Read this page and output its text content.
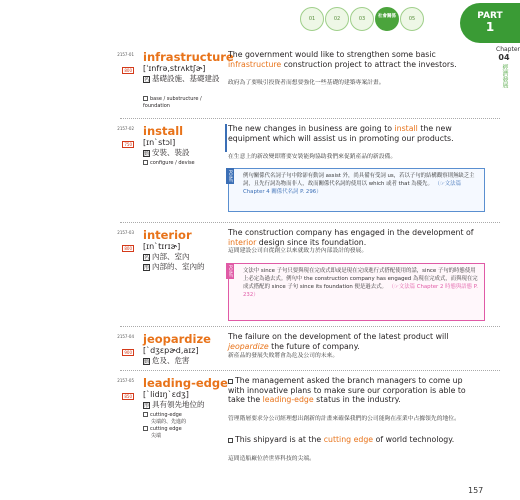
01	02	03	社會關係	05	PART
1
Chapter
04
經濟發展
2157-01
800
infrastructure
[ˈɪnfrə,strʌktʃɚ]
名 基礎設施、基礎建設
base / substructure / foundation
The government would like to strengthen some basic infrastructure construction project to attract the investors.
政府為了要吸引投資者而想要強化一些基礎的建築專案計畫。
2157-02
750
install
[ɪnˋstɔl]
動 安裝、裝設
configure / devise
The new changes in business are going to install the new equipment which will assist us in promoting our products.
在生意上的新改變即將要安裝能夠協助我們來促銷產品的新設備。
POINT 例句關係代名詞子句中除卻有動詞 assist 外，尚具備有受詞 us，若以子句的結構觀察則無缺乏主詞，且先行詞為物而非人，故而關係代名詞的使用以 which 或者 that 為優先。 （☞文法篇 Chapter 4 關係代名詞 P. 296）
2157-03
800
interior
[ɪnˋtɪrɪɚ]
名 內部、室內
形 內部的、室內的
The construction company has engaged in the development of interior design since its foundation.
這間建設公司自從創立以來就致力於內部設計的發展。
POINT 文法中 since 子句只要與現在完成式即或是現在完成進行式搭配使用的話，since 子句的時態使用上必定為過去式。例句中 the construction company has engaged 為現在完成式，而與現在完成式搭配的 since 子句 since its foundation 便是過去式。 （☞文法篇 Chapter 2 時態與語態 P. 232）
2157-04
900
jeopardize
[ˋdʒɛpɚd,aɪz]
動 危及、危害
The failure on the development of the latest product will jeopardize the future of company.
新產品的發展失敗將會為危及公司的未來。
2157-05
850
leading-edge
[ˋlidɪŋˋɛdʒ]
形 具有領先地位的
cutting-edge
尖端的、先進的
cutting edge
尖端
The management asked the branch managers to come up with innovative plans to make sure our corporation is able to take the leading-edge status in the industry.
管理階層要求分公司經理想出創新的計畫來確保我們的公司能夠在產業中占據領先的地位。
This shipyard is at the cutting edge of world technology.
這間造船廠位於世界科技的尖端。
157
